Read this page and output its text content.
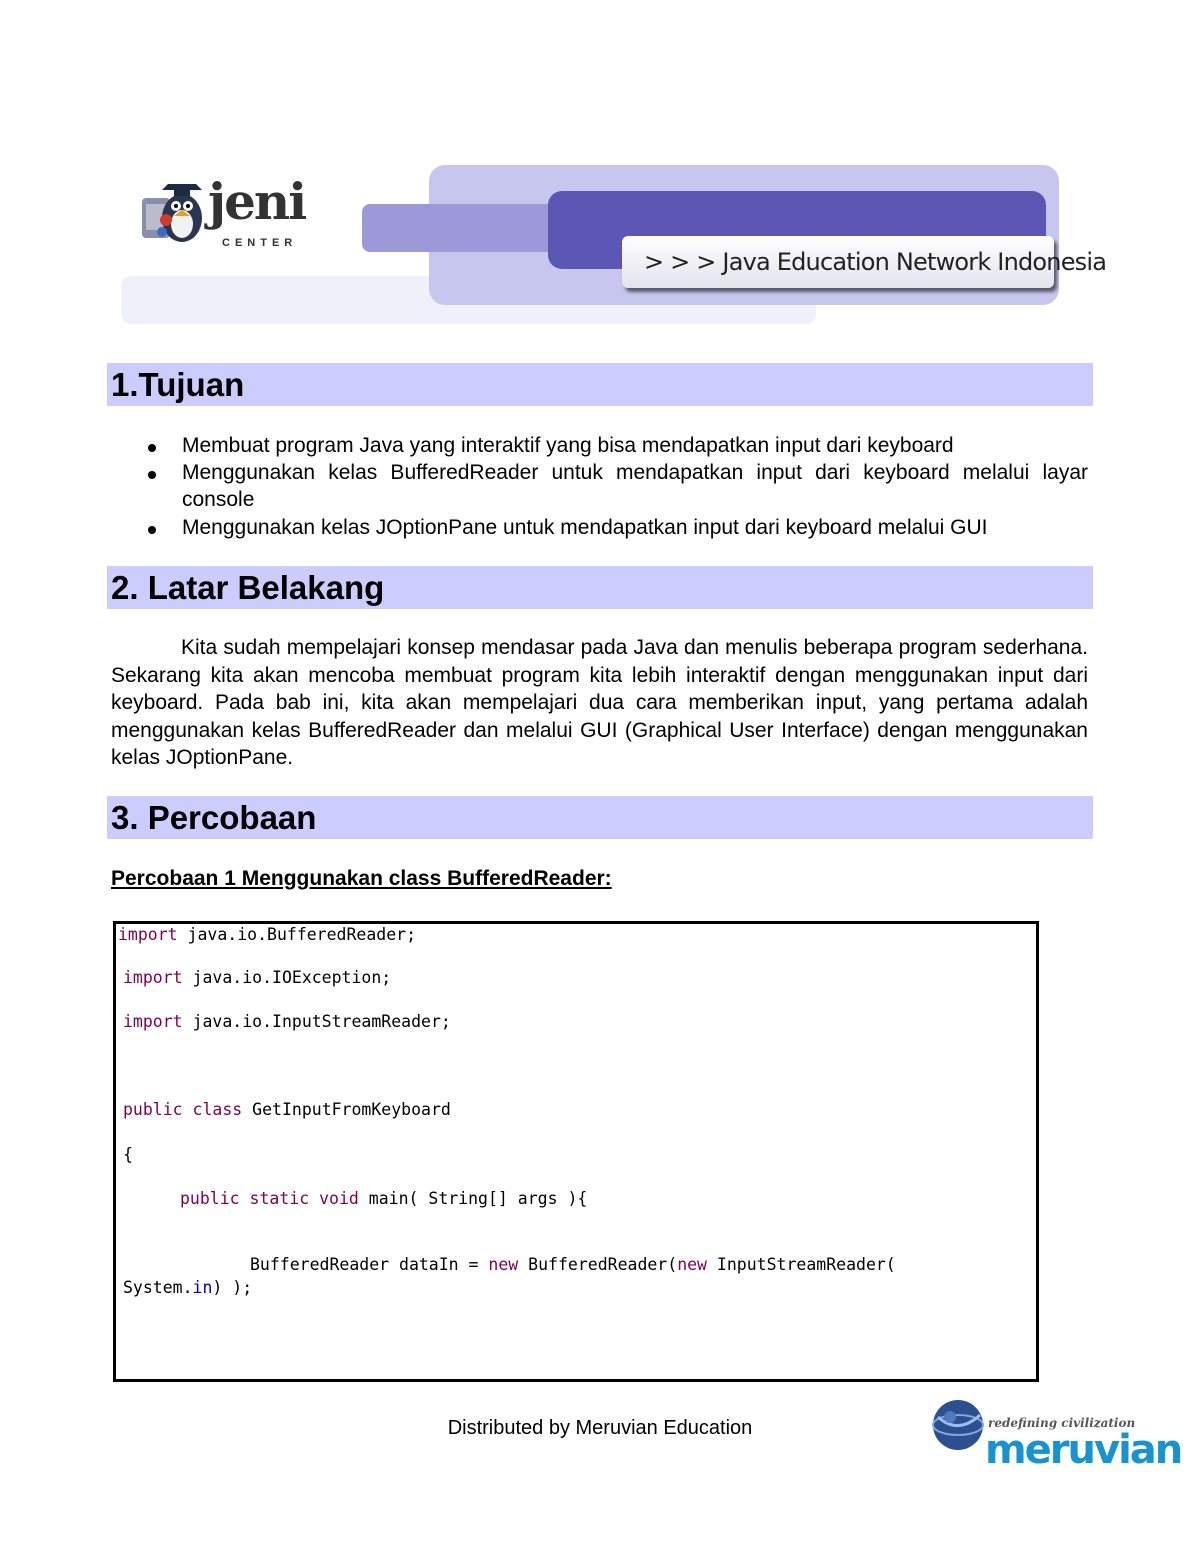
> > > Java Education Network Indonesia
jeni
CENTER
1.Tujuan
Membuat program Java yang interaktif yang bisa mendapatkan input dari keyboard
Menggunakan kelas BufferedReader untuk mendapatkan input dari keyboard melalui layar console
Menggunakan kelas JOptionPane untuk mendapatkan input dari keyboard melalui GUI
2. Latar Belakang
Kita sudah mempelajari konsep mendasar pada Java dan menulis beberapa program sederhana. Sekarang kita akan mencoba membuat program kita lebih interaktif dengan menggunakan input dari keyboard. Pada bab ini, kita akan mempelajari dua cara memberikan input, yang pertama adalah menggunakan kelas BufferedReader dan melalui GUI (Graphical User Interface) dengan menggunakan kelas JOptionPane.
3. Percobaan
Percobaan 1 Menggunakan class BufferedReader:
import java.io.BufferedReader;
import java.io.IOException;
import java.io.InputStreamReader;
public class GetInputFromKeyboard
{
public static void main( String[] args ){
BufferedReader dataIn = new BufferedReader(new InputStreamReader(
System.in) );
Distributed by Meruvian Education	redefining civilization
meruvian
